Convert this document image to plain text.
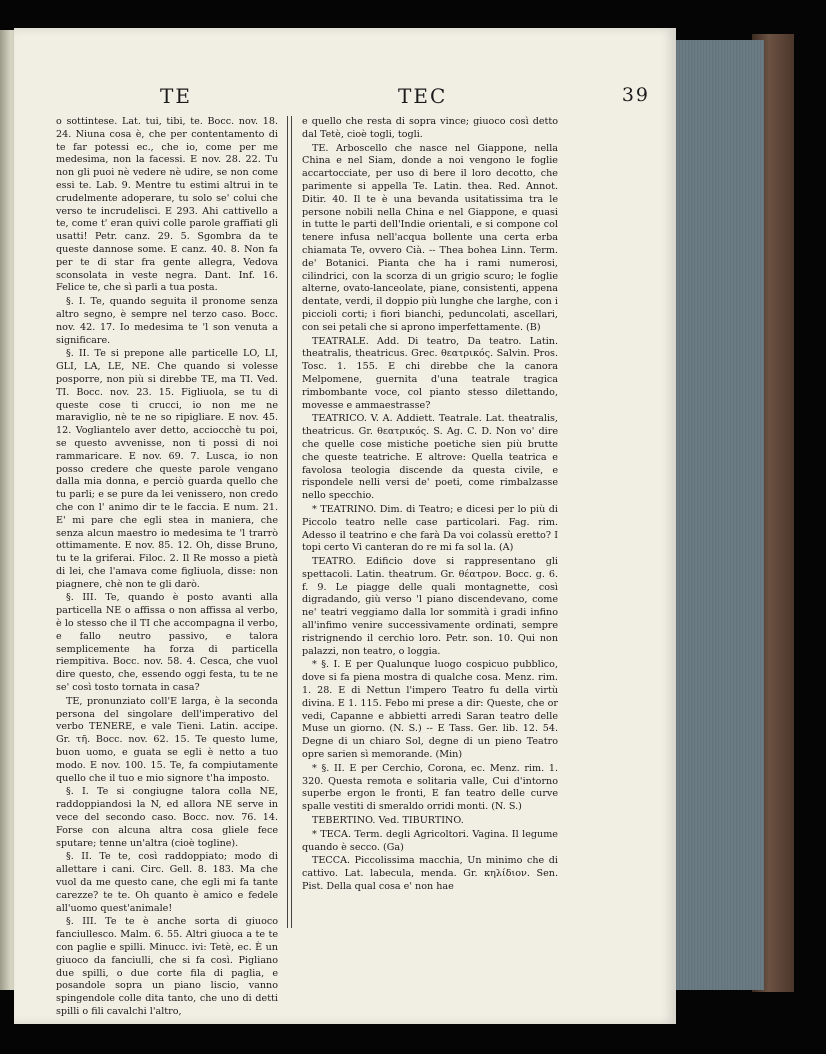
TE	TEC	39

o sottintese. Lat. tui, tibi, te. Bocc. nov. 18. 24. Niuna cosa è, che per contentamento di te far potessi ec., che io, come per me medesima, non la facessi. E nov. 28. 22. Tu non gli puoi nè vedere nè udire, se non come essi te. Lab. 9. Mentre tu estimi altrui in te crudelmente adoperare, tu solo se' colui che verso te incrudelisci. E 293. Ahi cattivello a te, come t' eran quivi colle parole graffiati gli usatti! Petr. canz. 29. 5. Sgombra da te queste dannose some. E canz. 40. 8. Non fa per te di star fra gente allegra, Vedova sconsolata in veste negra. Dant. Inf. 16. Felice te, che sì parli a tua posta.

§. I. Te, quando seguita il pronome senza altro segno, è sempre nel terzo caso. Bocc. nov. 42. 17. Io medesima te 'l son venuta a significare.

§. II. Te si prepone alle particelle LO, LI, GLI, LA, LE, NE. Che quando si volesse posporre, non più si direbbe TE, ma TI. Ved. TI. Bocc. nov. 23. 15. Figliuola, se tu di queste cose ti crucci, io non me ne maraviglio, nè te ne so ripigliare. E nov. 45. 12. Vogliantelo aver detto, acciocchè tu poi, se questo avvenisse, non ti possi di noi rammaricare. E nov. 69. 7. Lusca, io non posso credere che queste parole vengano dalla mia donna, e perciò guarda quello che tu parli; e se pure da lei venissero, non credo che con l' animo dir te le faccia. E num. 21. E' mi pare che egli stea in maniera, che senza alcun maestro io medesima te 'l trarrò ottimamente. E nov. 85. 12. Oh, disse Bruno, tu te la griferai. Filoc. 2. Il Re mosso a pietà di lei, che l'amava come figliuola, disse: non piagnere, chè non te gli darò.

§. III. Te, quando è posto avanti alla particella NE o affissa o non affissa al verbo, è lo stesso che il TI che accompagna il verbo, e fallo neutro passivo, e talora semplicemente ha forza di particella riempitiva. Bocc. nov. 58. 4. Cesca, che vuol dire questo, che, essendo oggi festa, tu te ne se' così tosto tornata in casa?

TE, pronunziato coll'E larga, è la seconda persona del singolare dell'imperativo del verbo TENERE, e vale Tieni. Latin. accipe. Gr. τῆ. Bocc. nov. 62. 15. Te questo lume, buon uomo, e guata se egli è netto a tuo modo. E nov. 100. 15. Te, fa compiutamente quello che il tuo e mio signore t'ha imposto.

§. I. Te si congiugne talora colla NE, raddoppiandosi la N, ed allora NE serve in vece del secondo caso. Bocc. nov. 76. 14. Forse con alcuna altra cosa gliele fece sputare; tenne un'altra (cioè togline).

§. II. Te te, così raddoppiato; modo di allettare i cani. Circ. Gell. 8. 183. Ma che vuol da me questo cane, che egli mi fa tante carezze? te te. Oh quanto è amico e fedele all'uomo quest'animale!

§. III. Te te è anche sorta di giuoco fanciullesco. Malm. 6. 55. Altri giuoca a te te con paglie e spilli. Minucc. ivi: Tetè, ec. È un giuoco da fanciulli, che si fa così. Pigliano due spilli, o due corte fila di paglia, e posandole sopra un piano liscio, vanno spingendole colle dita tanto, che uno di detti spilli o fili cavalchi l'altro,

e quello che resta di sopra vince; giuoco così detto dal Tetè, cioè togli, togli.

TE. Arboscello che nasce nel Giappone, nella China e nel Siam, donde a noi vengono le foglie accartocciate, per uso di bere il loro decotto, che parimente si appella Te. Latin. thea. Red. Annot. Ditir. 40. Il te è una bevanda usitatissima tra le persone nobili nella China e nel Giappone, e quasi in tutte le parti dell'Indie orientali, e si compone col tenere infusa nell'acqua bollente una certa erba chiamata Te, ovvero Cià. -- Thea bohea Linn. Term. de' Botanici. Pianta che ha i rami numerosi, cilindrici, con la scorza di un grigio scuro; le foglie alterne, ovato-lanceolate, piane, consistenti, appena dentate, verdi, il doppio più lunghe che larghe, con i piccioli corti; i fiori bianchi, peduncolati, ascellari, con sei petali che si aprono imperfettamente. (B)

TEATRALE. Add. Di teatro, Da teatro. Latin. theatralis, theatricus. Grec. θεατρικός. Salvin. Pros. Tosc. 1. 155. E chi direbbe che la canora Melpomene, guernita d'una teatrale tragica rimbombante voce, col pianto stesso dilettando, movesse e ammaestrasse?

TEATRICO. V. A. Addiett. Teatrale. Lat. theatralis, theatricus. Gr. θεατρικός. S. Ag. C. D. Non vo' dire che quelle cose mistiche poetiche sien più brutte che queste teatriche. E altrove: Quella teatrica e favolosa teologia discende da questa civile, e rispondele nelli versi de' poeti, come rimbalzasse nello specchio.

* TEATRINO. Dim. di Teatro; e dicesi per lo più di Piccolo teatro nelle case particolari. Fag. rim. Adesso il teatrino e che farà Da voi colassù eretto? I topi certo Vi canteran do re mi fa sol la. (A)

TEATRO. Edificio dove si rappresentano gli spettacoli. Latin. theatrum. Gr. θέατρον. Bocc. g. 6. f. 9. Le piagge delle quali montagnette, così digradando, giù verso 'l piano discendevano, come ne' teatri veggiamo dalla lor sommità i gradi infino all'infimo venire successivamente ordinati, sempre ristrignendo il cerchio loro. Petr. son. 10. Qui non palazzi, non teatro, o loggia.

* §. I. E per Qualunque luogo cospicuo pubblico, dove si fa piena mostra di qualche cosa. Menz. rim. 1. 28. E di Nettun l'impero Teatro fu della virtù divina. E 1. 115. Febo mi prese a dir: Queste, che or vedi, Capanne e abbietti arredi Saran teatro delle Muse un giorno. (N. S.) -- E Tass. Ger. lib. 12. 54. Degne di un chiaro Sol, degne di un pieno Teatro opre sarien sì memorande. (Min)

* §. II. E per Cerchio, Corona, ec. Menz. rim. 1. 320. Questa remota e solitaria valle, Cui d'intorno superbe ergon le fronti, E fan teatro delle curve spalle vestiti di smeraldo orridi monti. (N. S.)

TEBERTINO. Ved. TIBURTINO.

* TECA. Term. degli Agricoltori. Vagina. Il legume quando è secco. (Ga)

TECCA. Piccolissima macchia, Un minimo che di cattivo. Lat. labecula, menda. Gr. κηλίδιον. Sen. Pist. Della qual cosa e' non hae
